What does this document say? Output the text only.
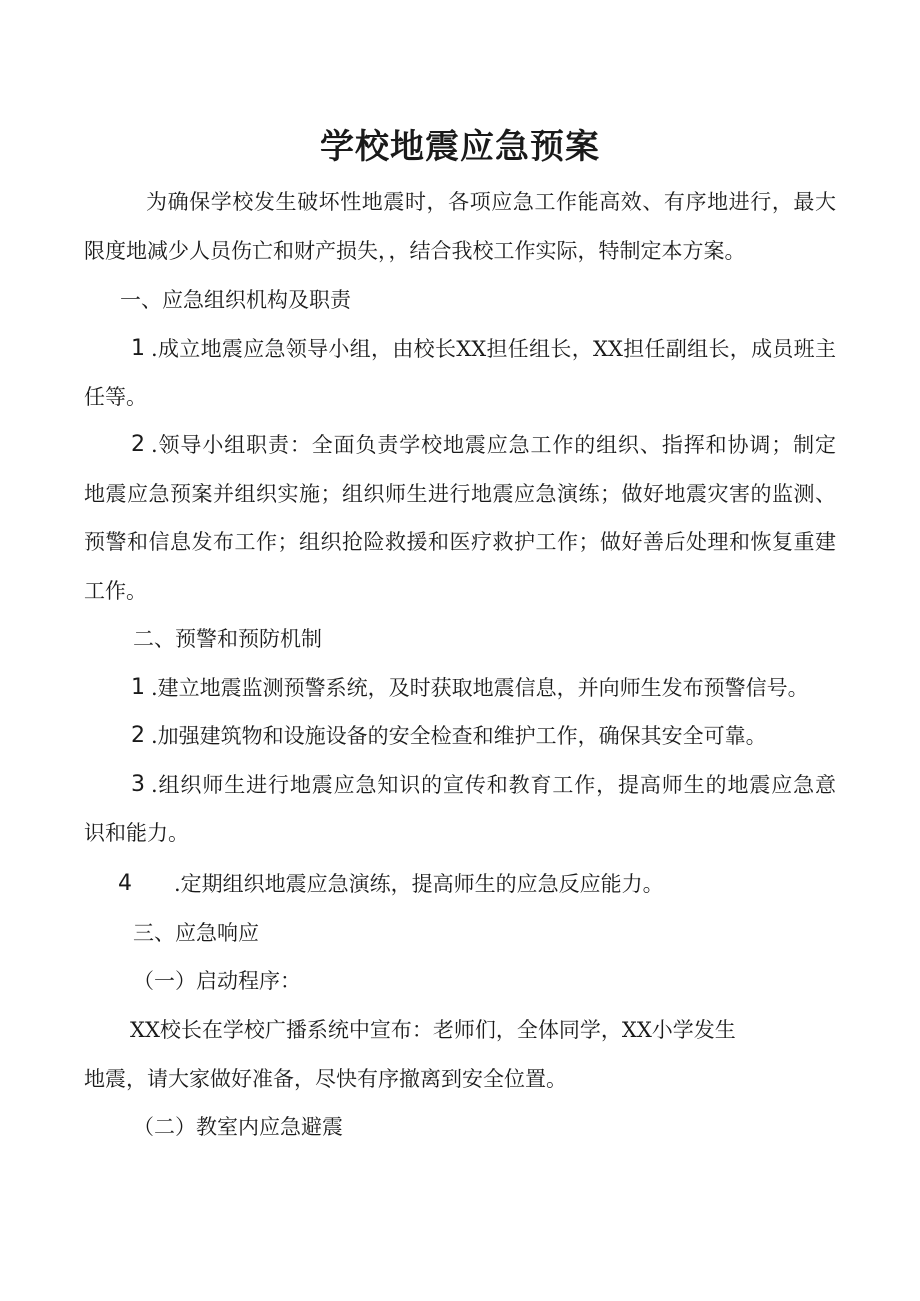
学校地震应急预案

为确保学校发生破坏性地震时，各项应急工作能高效、有序地进行，最大

限度地减少人员伤亡和财产损失，，结合我校工作实际，特制定本方案。

一、应急组织机构及职责

1 .成立地震应急领导小组，由校长XX担任组长，XX担任副组长，成员班主

任等。

2 .领导小组职责：全面负责学校地震应急工作的组织、指挥和协调；制定

地震应急预案并组织实施；组织师生进行地震应急演练；做好地震灾害的监测、

预警和信息发布工作；组织抢险救援和医疗救护工作；做好善后处理和恢复重建

工作。

二、预警和预防机制

1 .建立地震监测预警系统，及时获取地震信息，并向师生发布预警信号。

2 .加强建筑物和设施设备的安全检查和维护工作，确保其安全可靠。

3 .组织师生进行地震应急知识的宣传和教育工作，提高师生的地震应急意

识和能力。

4 .定期组织地震应急演练，提高师生的应急反应能力。

三、应急响应

（一）启动程序：

XX校长在学校广播系统中宣布：老师们，全体同学，XX小学发生

地震，请大家做好准备，尽快有序撤离到安全位置。

（二）教室内应急避震
